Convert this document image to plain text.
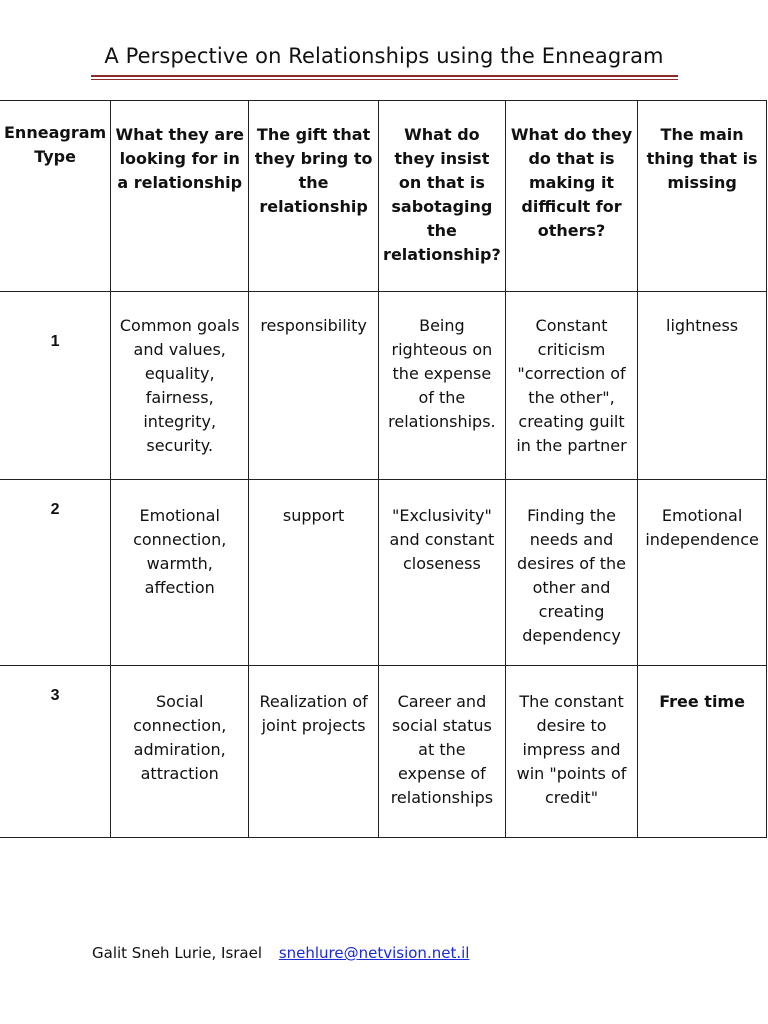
A Perspective on Relationships using the Enneagram
Enneagram Type	What they are looking for in a relationship	The gift that they bring to the relationship	What do they insist on that is sabotaging the relationship?	What do they do that is making it difficult for others?	The main thing that is missing

1	Common goals and values, equality, fairness, integrity, security.	responsibility	Being righteous on the expense of the relationships.	Constant criticism "correction of the other", creating guilt in the partner	lightness

2	Emotional connection, warmth, affection	support	"Exclusivity" and constant closeness	Finding the needs and desires of the other and creating dependency	Emotional independence

3	Social connection, admiration, attraction	Realization of joint projects	Career and social status at the expense of relationships	The constant desire to impress and win "points of credit"	Free time
Galit Sneh Lurie, Israel snehlure@netvision.net.il
